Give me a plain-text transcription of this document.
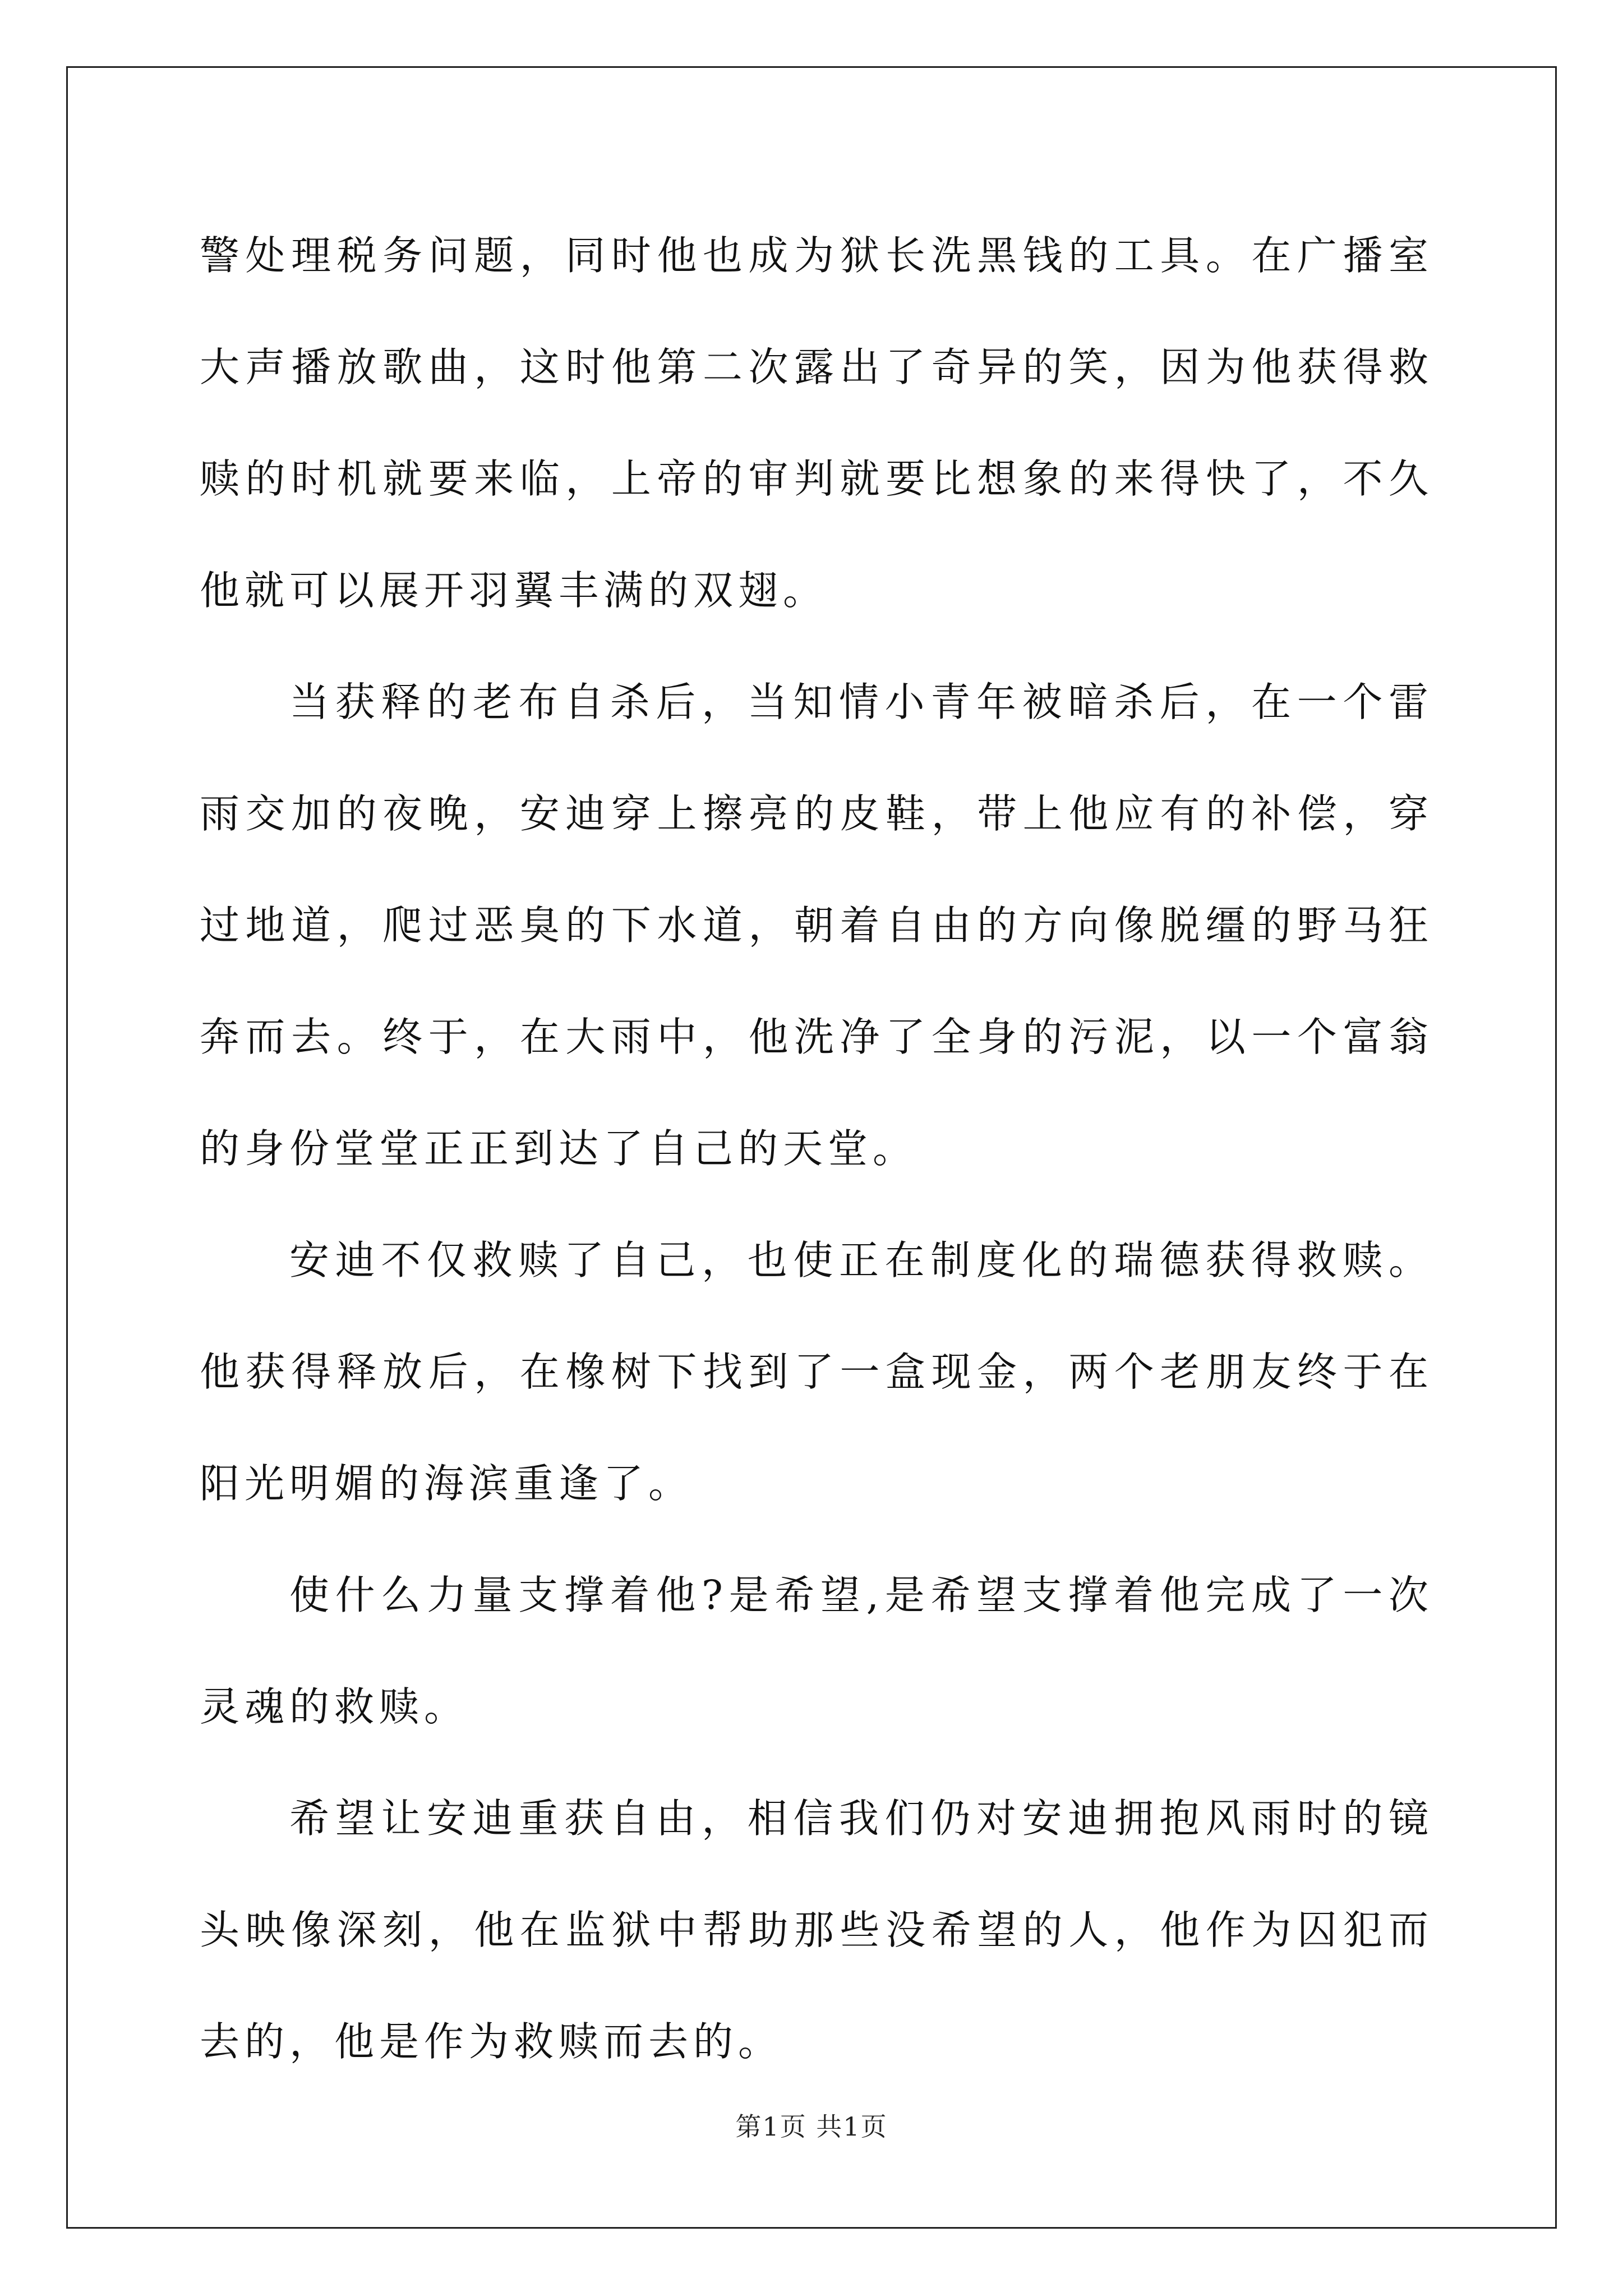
警处理税务问题，同时他也成为狱长洗黑钱的工具。在广播室大声播放歌曲，这时他第二次露出了奇异的笑，因为他获得救赎的时机就要来临，上帝的审判就要比想象的来得快了，不久他就可以展开羽翼丰满的双翅。

当获释的老布自杀后，当知情小青年被暗杀后，在一个雷雨交加的夜晚，安迪穿上擦亮的皮鞋，带上他应有的补偿，穿过地道，爬过恶臭的下水道，朝着自由的方向像脱缰的野马狂奔而去。终于，在大雨中，他洗净了全身的污泥，以一个富翁的身份堂堂正正到达了自己的天堂。

安迪不仅救赎了自己，也使正在制度化的瑞德获得救赎。他获得释放后，在橡树下找到了一盒现金，两个老朋友终于在阳光明媚的海滨重逢了。

使什么力量支撑着他?是希望,是希望支撑着他完成了一次灵魂的救赎。

希望让安迪重获自由，相信我们仍对安迪拥抱风雨时的镜头映像深刻，他在监狱中帮助那些没希望的人，他作为囚犯而去的，他是作为救赎而去的。

第1页 共1页
